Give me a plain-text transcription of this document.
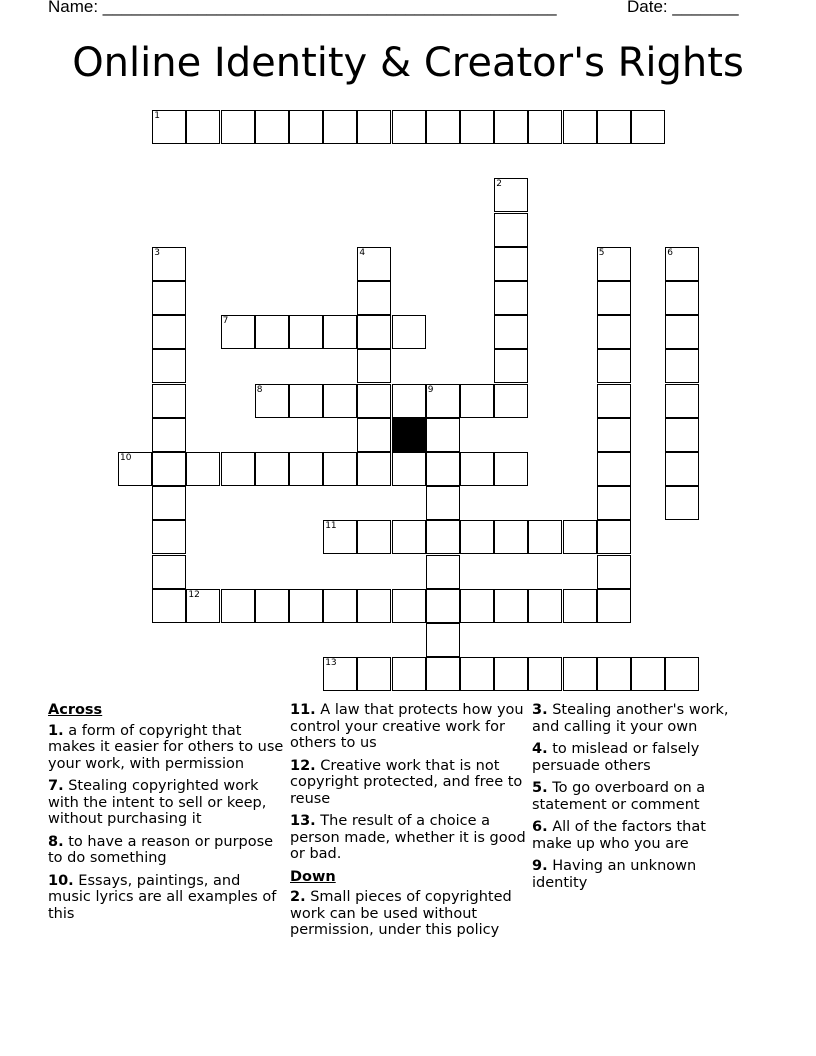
Name: ________________________________________________	Date: _______
Online Identity & Creator's Rights
1
2
3	4	5	6
7
8	9
10
11
12
13
Across
1. a form of copyright that makes it easier for others to use your work, with permission
7. Stealing copyrighted work with the intent to sell or keep, without purchasing it
8. to have a reason or purpose to do something
10. Essays, paintings, and music lyrics are all examples of this
11. A law that protects how you control your creative work for others to us
12. Creative work that is not copyright protected, and free to reuse
13. The result of a choice a person made, whether it is good or bad.
Down
2. Small pieces of copyrighted work can be used without permission, under this policy
3. Stealing another's work, and calling it your own
4. to mislead or falsely persuade others
5. To go overboard on a statement or comment
6. All of the factors that make up who you are
9. Having an unknown identity
